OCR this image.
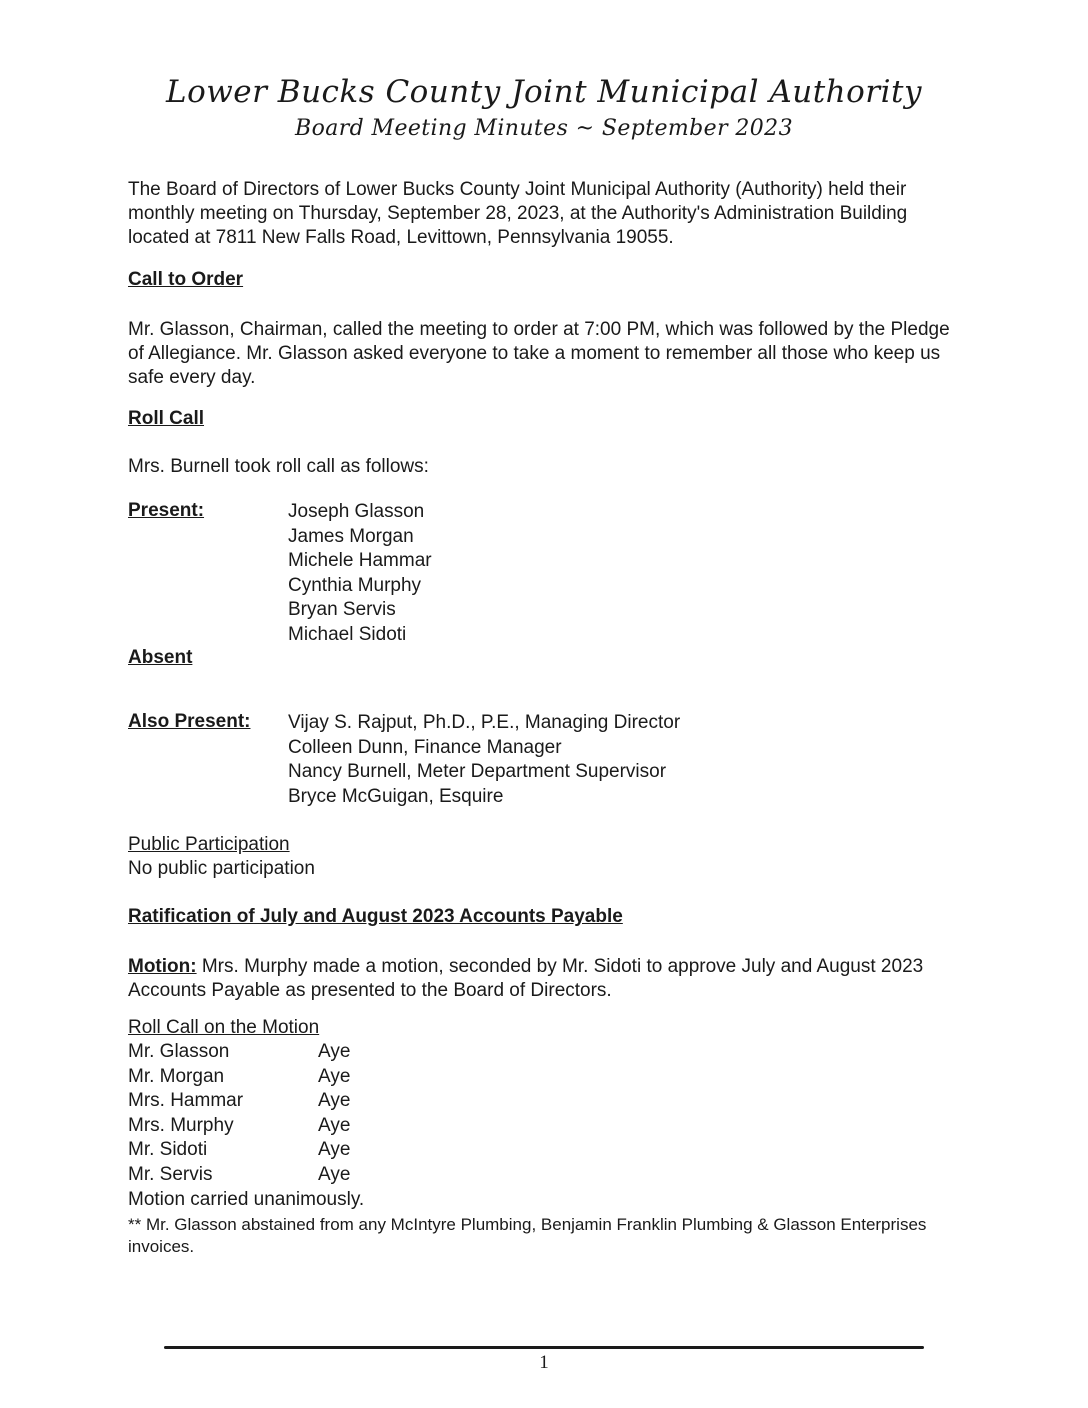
Lower Bucks County Joint Municipal Authority
Board Meeting Minutes ~ September 2023

The Board of Directors of Lower Bucks County Joint Municipal Authority (Authority) held their monthly meeting on Thursday, September 28, 2023, at the Authority's Administration Building located at 7811 New Falls Road, Levittown, Pennsylvania 19055.

Call to Order

Mr. Glasson, Chairman, called the meeting to order at 7:00 PM, which was followed by the Pledge of Allegiance. Mr. Glasson asked everyone to take a moment to remember all those who keep us safe every day.

Roll Call
Mrs. Burnell took roll call as follows:
Present:	Joseph Glasson
James Morgan
Michele Hammar
Cynthia Murphy
Bryan Servis
Michael Sidoti
Absent
Also Present: Vijay S. Rajput, Ph.D., P.E., Managing Director
Colleen Dunn, Finance Manager
Nancy Burnell, Meter Department Supervisor
Bryce McGuigan, Esquire
Public Participation
No public participation
Ratification of July and August 2023 Accounts Payable

Motion: Mrs. Murphy made a motion, seconded by Mr. Sidoti to approve July and August 2023 Accounts Payable as presented to the Board of Directors.

Roll Call on the Motion
Mr. Glasson	Aye
Mr. Morgan	Aye
Mrs. Hammar	Aye
Mrs. Murphy	Aye
Mr. Sidoti	Aye
Mr. Servis	Aye
Motion carried unanimously.

** Mr. Glasson abstained from any McIntyre Plumbing, Benjamin Franklin Plumbing & Glasson Enterprises invoices.

1
